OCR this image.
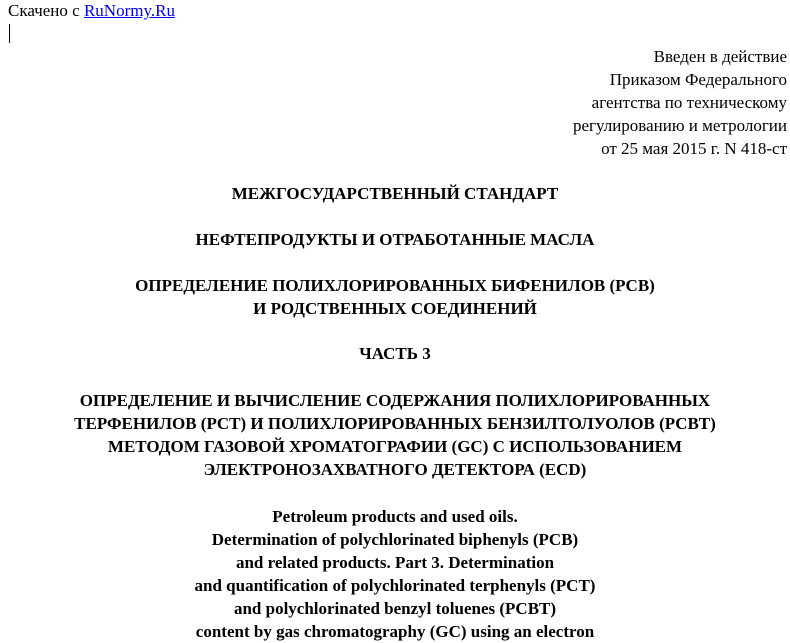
Скачено с RuNormy.Ru
Введен в действие
Приказом Федерального
агентства по техническому
регулированию и метрологии
от 25 мая 2015 г. N 418-ст
МЕЖГОСУДАРСТВЕННЫЙ СТАНДАРТ
НЕФТЕПРОДУКТЫ И ОТРАБОТАННЫЕ МАСЛА
ОПРЕДЕЛЕНИЕ ПОЛИХЛОРИРОВАННЫХ БИФЕНИЛОВ (PCB)
И РОДСТВЕННЫХ СОЕДИНЕНИЙ
ЧАСТЬ 3
ОПРЕДЕЛЕНИЕ И ВЫЧИСЛЕНИЕ СОДЕРЖАНИЯ ПОЛИХЛОРИРОВАННЫХ
ТЕРФЕНИЛОВ (PCT) И ПОЛИХЛОРИРОВАННЫХ БЕНЗИЛТОЛУОЛОВ (PCBT)
МЕТОДОМ ГАЗОВОЙ ХРОМАТОГРАФИИ (GC) С ИСПОЛЬЗОВАНИЕМ
ЭЛЕКТРОНОЗАХВАТНОГО ДЕТЕКТОРА (ECD)
Petroleum products and used oils.
Determination of polychlorinated biphenyls (PCB)
and related products. Part 3. Determination
and quantification of polychlorinated terphenyls (PCT)
and polychlorinated benzyl toluenes (PCBT)
content by gas chromatography (GC) using an electron
